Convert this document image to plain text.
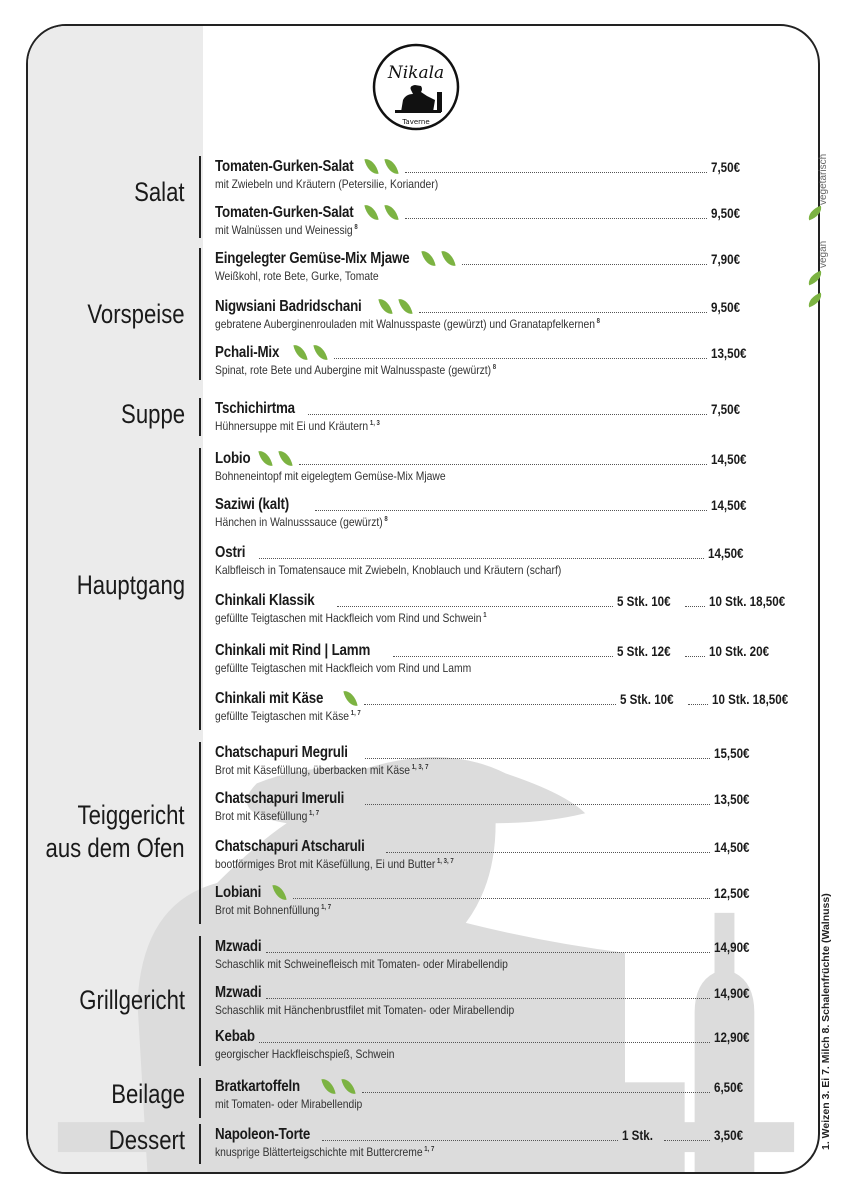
Nikala
Taverne
Salat
Vorspeise
Suppe
Hauptgang
Teiggericht
aus dem Ofen
Grillgericht
Beilage
Dessert
Tomaten-Gurken-Salat	7,50€
mit Zwiebeln und Kräutern (Petersilie, Koriander)
Tomaten-Gurken-Salat	9,50€
mit Walnüssen und Weinessig $^8$
Eingelegter Gemüse-Mix Mjawe	7,90€
Weißkohl, rote Bete, Gurke, Tomate
Nigwsiani Badridschani	9,50€
gebratene Auberginenrouladen mit Walnusspaste (gewürzt) und Granatapfelkernen $^8$
Pchali-Mix	13,50€
Spinat, rote Bete und Aubergine mit Walnusspaste (gewürzt) $^8$
Tschichirtma	7,50€
Hühnersuppe mit Ei und Kräutern $^{1, 3}$
Lobio	14,50€
Bohneneintopf mit eigelegtem Gemüse-Mix Mjawe
Saziwi (kalt)	14,50€
Hänchen in Walnusssauce (gewürzt) $^8$
Ostri	14,50€
Kalbfleisch in Tomatensauce mit Zwiebeln, Knoblauch und Kräutern (scharf)
Chinkali Klassik	5 Stk. 10€	10 Stk. 18,50€
gefüllte Teigtaschen mit Hackfleich vom Rind und Schwein $^1$
Chinkali mit Rind | Lamm	5 Stk. 12€	10 Stk. 20€
gefüllte Teigtaschen mit Hackfleich vom Rind und Lamm
Chinkali mit Käse	5 Stk. 10€	10 Stk. 18,50€
gefüllte Teigtaschen mit Käse $^{1, 7}$
Chatschapuri Megruli	15,50€
Brot mit Käsefüllung, überbacken mit Käse $^{1, 3, 7}$
Chatschapuri Imeruli	13,50€
Brot mit Käsefüllung $^{1, 7}$
Chatschapuri Atscharuli	14,50€
bootförmiges Brot mit Käsefüllung, Ei und Butter $^{1, 3, 7}$
Lobiani	12,50€
Brot mit Bohnenfüllung $^{1, 7}$
Mzwadi	14,90€
Schaschlik mit Schweinefleisch mit Tomaten- oder Mirabellendip
Mzwadi	14,90€
Schaschlik mit Hänchenbrustfilet mit Tomaten- oder Mirabellendip
Kebab	12,90€
georgischer Hackfleischspieß, Schwein
Bratkartoffeln	6,50€
mit Tomaten- oder Mirabellendip
Napoleon-Torte	1 Stk.	3,50€
knusprige Blätterteigschichte mit Buttercreme $^{1, 7}$
vegetarisch
vegan
1. Weizen 3. Ei 7. Milch 8. Schalenfrüchte (Walnuss)
